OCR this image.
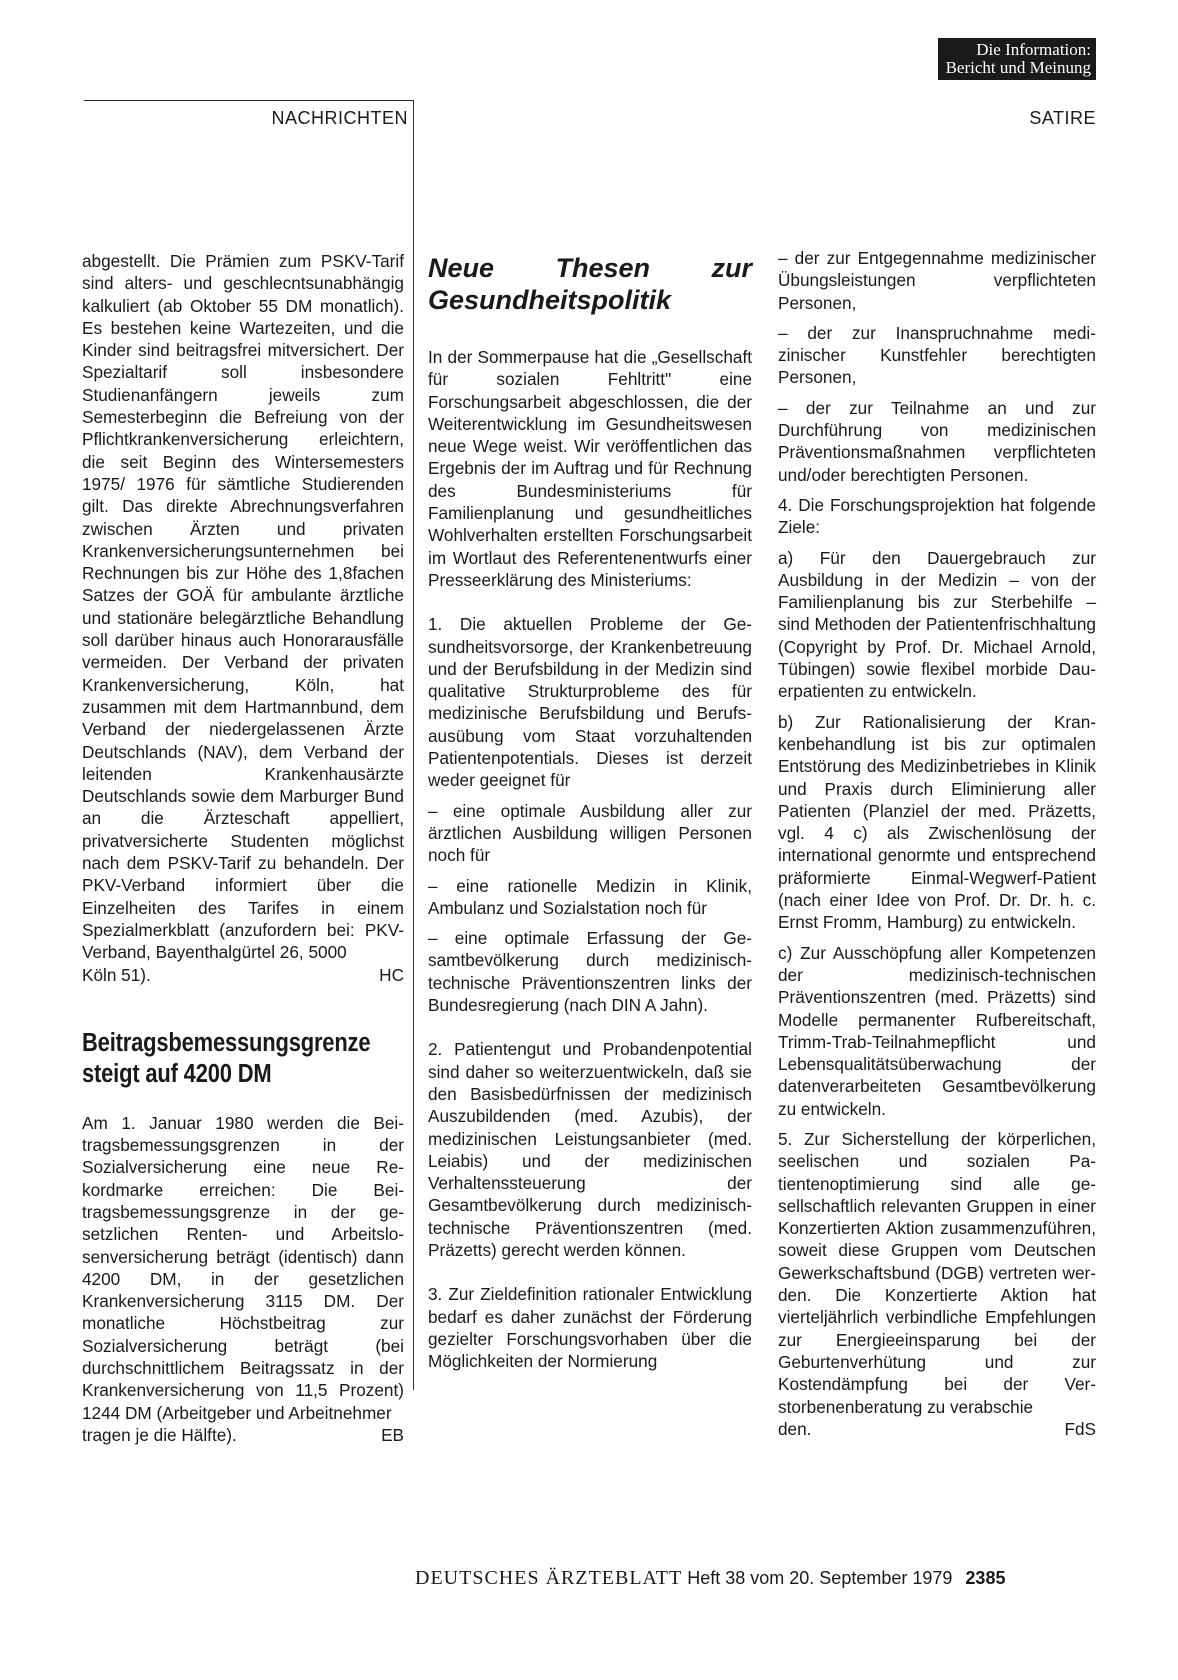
Die Information:
Bericht und Meinung
NACHRICHTEN	SATIRE

abgestellt. Die Prämien zum PSKV-Tarif sind alters- und geschlecntsunabhängig kalkuliert (ab Oktober 55 DM monatlich). Es bestehen keine Wartezeiten, und die Kinder sind beitragsfrei mitversichert. Der Spezialtarif soll insbesondere Studienanfängern jeweils zum Semesterbeginn die Befreiung von der Pflichtkrankenversicherung erleichtern, die seit Beginn des Wintersemesters 1975/ 1976 für sämtliche Studierenden gilt. Das direkte Abrechnungsverfahren zwischen Ärzten und privaten Krankenversicherungsunternehmen bei Rechnungen bis zur Höhe des 1,8fachen Satzes der GOÄ für ambulante ärztliche und stationäre belegärztliche Behandlung soll darüber hinaus auch Honorarausfälle vermeiden. Der Verband der privaten Krankenversicherung, Köln, hat zusammen mit dem Hartmannbund, dem Verband der niedergelassenen Ärzte Deutschlands (NAV), dem Verband der leitenden Krankenhausärzte Deutschlands sowie dem Marburger Bund an die Ärzteschaft appelliert, privatversicherte Studenten möglichst nach dem PSKV-Tarif zu behandeln. Der PKV-Verband informiert über die Einzelheiten des Tarifes in einem Spezialmerkblatt (anzufordern bei: PKV-Verband, Bayenthalgürtel 26, 5000

Köln 51).	HC
Beitragsbemessungsgrenze steigt auf 4200 DM

Am 1. Januar 1980 werden die Beitragsbemessungsgrenzen in der Sozialversicherung eine neue Rekordmarke erreichen: Die Beitragsbemessungsgrenze in der gesetzlichen Renten- und Arbeitslosenversicherung beträgt (identisch) dann 4200 DM, in der gesetzlichen Krankenversicherung 3115 DM. Der monatliche Höchstbeitrag zur Sozialversicherung beträgt (bei durchschnittlichem Beitragssatz in der Krankenversicherung von 11,5 Prozent) 1244 DM (Arbeitgeber und Arbeitnehmer

tragen je die Hälfte).	EB
Neue Thesen zur Gesundheitspolitik

In der Sommerpause hat die „Gesellschaft für sozialen Fehltritt" eine Forschungsarbeit abgeschlossen, die der Weiterentwicklung im Gesundheitswesen neue Wege weist. Wir veröffentlichen das Ergebnis der im Auftrag und für Rechnung des Bundesministeriums für Familienplanung und gesundheitliches Wohlverhalten erstellten Forschungsarbeit im Wortlaut des Referentenentwurfs einer Presseerklärung des Ministeriums:

1. Die aktuellen Probleme der Gesundheitsvorsorge, der Krankenbetreuung und der Berufsbildung in der Medizin sind qualitative Strukturprobleme des für medizinische Berufsbildung und Berufsausübung vom Staat vorzuhaltenden Patientenpotentials. Dieses ist derzeit weder geeignet für

– eine optimale Ausbildung aller zur ärztlichen Ausbildung willigen Personen noch für

– eine rationelle Medizin in Klinik, Ambulanz und Sozialstation noch für

– eine optimale Erfassung der Gesamtbevölkerung durch medizinisch-technische Präventionszentren links der Bundesregierung (nach DIN A Jahn).

2. Patientengut und Probandenpotential sind daher so weiterzuentwickeln, daß sie den Basisbedürfnissen der medizinisch Auszubildenden (med. Azubis), der medizinischen Leistungsanbieter (med. Leiabis) und der medizinischen Verhaltenssteuerung der Gesamtbevölkerung durch medizinisch-technische Präventionszentren (med. Präzetts) gerecht werden können.

3. Zur Zieldefinition rationaler Entwicklung bedarf es daher zunächst der Förderung gezielter Forschungsvorhaben über die Möglichkeiten der Normierung

– der zur Entgegennahme medizinischer Übungsleistungen verpflichteten Personen,

– der zur Inanspruchnahme medizinischer Kunstfehler berechtigten Personen,

– der zur Teilnahme an und zur Durchführung von medizinischen Präventionsmaßnahmen verpflichteten und/oder berechtigten Personen.

4. Die Forschungsprojektion hat folgende Ziele:

a) Für den Dauergebrauch zur Ausbildung in der Medizin – von der Familienplanung bis zur Sterbehilfe – sind Methoden der Patientenfrischhaltung (Copyright by Prof. Dr. Michael Arnold, Tübingen) sowie flexibel morbide Dauerpatienten zu entwickeln.

b) Zur Rationalisierung der Krankenbehandlung ist bis zur optimalen Entstörung des Medizinbetriebes in Klinik und Praxis durch Eliminierung aller Patienten (Planziel der med. Präzetts, vgl. 4 c) als Zwischenlösung der international genormte und entsprechend präformierte Einmal-Wegwerf-Patient (nach einer Idee von Prof. Dr. Dr. h. c. Ernst Fromm, Hamburg) zu entwickeln.

c) Zur Ausschöpfung aller Kompetenzen der medizinisch-technischen Präventionszentren (med. Präzetts) sind Modelle permanenter Rufbereitschaft, Trimm-Trab-Teilnahmepflicht und Lebensqualitätsüberwachung der datenverarbeiteten Gesamtbevölkerung zu entwickeln.

5. Zur Sicherstellung der körperlichen, seelischen und sozialen Patientenoptimierung sind alle gesellschaftlich relevanten Gruppen in einer Konzertierten Aktion zusammenzuführen, soweit diese Gruppen vom Deutschen Gewerkschaftsbund (DGB) vertreten werden. Die Konzertierte Aktion hat vierteljährlich verbindliche Empfehlungen zur Energieeinsparung bei der Geburtenverhütung und zur Kostendämpfung bei der Verstorbenenberatung zu verabschie

den.	FdS
DEUTSCHES ÄRZTEBLATT Heft 38 vom 20. September 1979 2385
